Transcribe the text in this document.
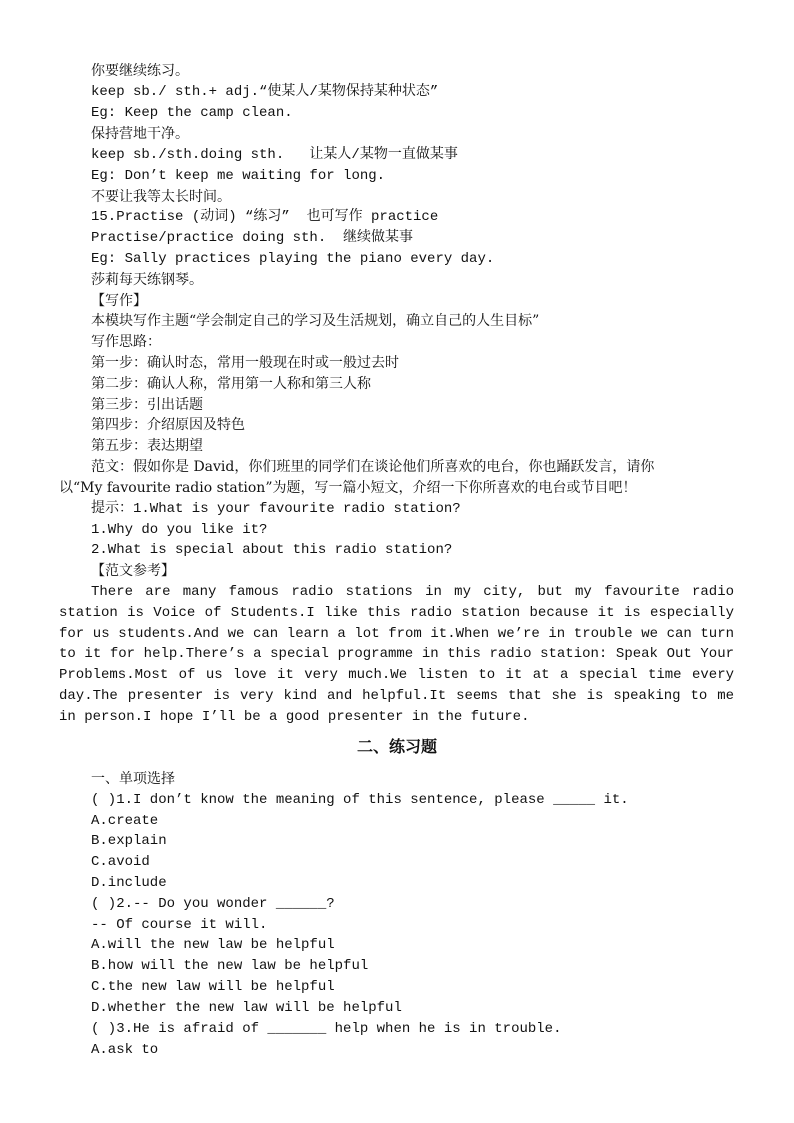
你要继续练习。
keep sb./ sth.+ adj.“使某人/某物保持某种状态”
Eg: Keep the camp clean.
保持营地干净。
keep sb./sth.doing sth.   让某人/某物一直做某事
Eg: Don’t keep me waiting for long.
不要让我等太长时间。
15.Practise (动词) “练习”  也可写作 practice
Practise/practice doing sth.  继续做某事
Eg: Sally practices playing the piano every day.
莎莉每天练钢琴。
【写作】
本模块写作主题“学会制定自己的学习及生活规划，确立自己的人生目标”
写作思路：
第一步：确认时态，常用一般现在时或一般过去时
第二步：确认人称，常用第一人称和第三人称
第三步：引出话题
第四步：介绍原因及特色
第五步：表达期望
范文：假如你是 David，你们班里的同学们在谈论他们所喜欢的电台，你也踊跃发言，请你
以“My favourite radio station”为题，写一篇小短文，介绍一下你所喜欢的电台或节目吧！
提示：1.What is your favourite radio station?
1.Why do you like it?
2.What is special about this radio station?
【范文参考】
There are many famous radio stations in my city, but my favourite radio station is Voice of Students.I like this radio station because it is especially for us students.And we can learn a lot from it.When we’re in trouble we can turn to it for help.There’s a special programme in this radio station: Speak Out Your Problems.Most of us love it very much.We listen to it at a special time every day.The presenter is very kind and helpful.It seems that she is speaking to me in person.I hope I’ll be a good presenter in the future.
二、练习题
一、单项选择
( )1.I don’t know the meaning of this sentence, please _____ it.
A.create
B.explain
C.avoid
D.include
( )2.-- Do you wonder ______?
-- Of course it will.
A.will the new law be helpful
B.how will the new law be helpful
C.the new law will be helpful
D.whether the new law will be helpful
( )3.He is afraid of _______ help when he is in trouble.
A.ask to
